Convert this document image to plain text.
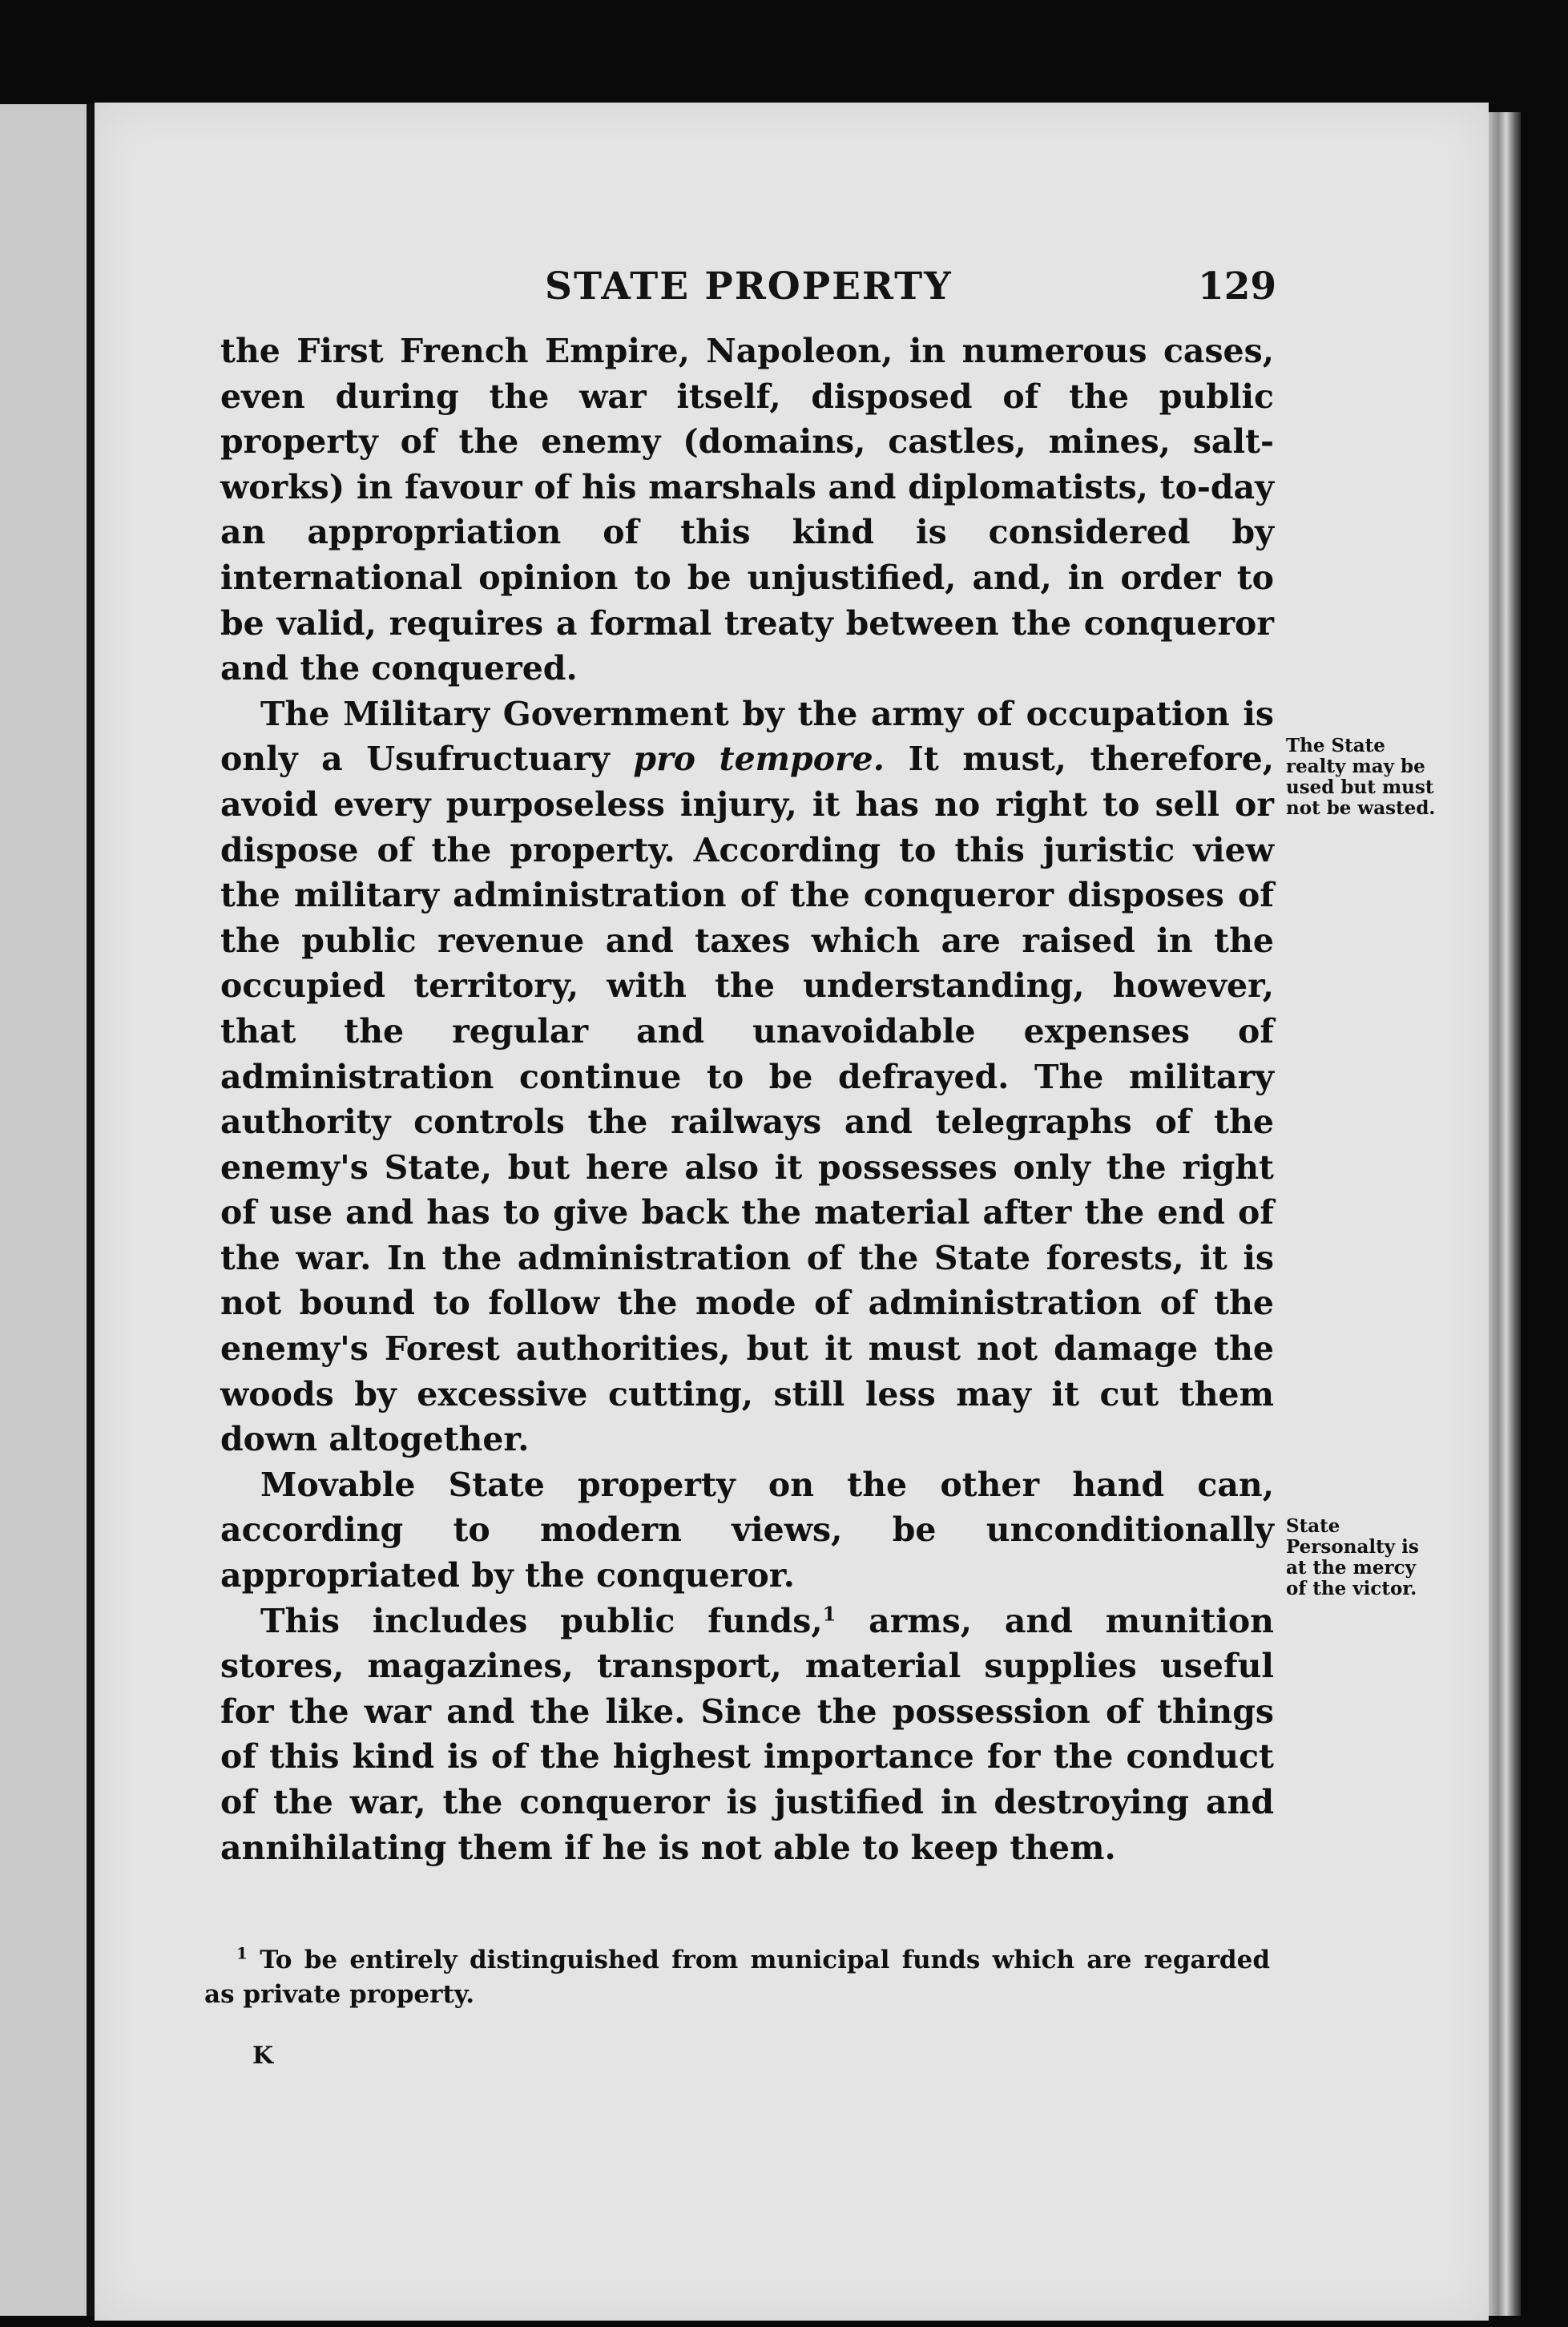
STATE PROPERTY	129

the First French Empire, Napoleon, in numerous cases, even during the war itself, disposed of the public property of the enemy (domains, castles, mines, salt-works) in favour of his marshals and diplomatists, to-day an appropriation of this kind is considered by international opinion to be unjustified, and, in order to be valid, requires a formal treaty between the conqueror and the conquered.

The Military Government by the army of occupation is only a Usufructuary pro tempore. It must, therefore, avoid every purposeless injury, it has no right to sell or dispose of the property. According to this juristic view the military administration of the conqueror disposes of the public revenue and taxes which are raised in the occupied territory, with the understanding, however, that the regular and unavoidable expenses of administration continue to be defrayed. The military authority controls the railways and telegraphs of the enemy's State, but here also it possesses only the right of use and has to give back the material after the end of the war. In the administration of the State forests, it is not bound to follow the mode of administration of the enemy's Forest authorities, but it must not damage the woods by excessive cutting, still less may it cut them down altogether.

Movable State property on the other hand can, according to modern views, be unconditionally appropriated by the conqueror.

This includes public funds,$^1$ arms, and munition stores, magazines, transport, material supplies useful for the war and the like. Since the possession of things of this kind is of the highest importance for the conduct of the war, the conqueror is justified in destroying and annihilating them if he is not able to keep them.

The State realty may be used but must not be wasted.
State Personalty is at the mercy of the victor.
$^1$ To be entirely distinguished from municipal funds which are regarded as private property.
K
